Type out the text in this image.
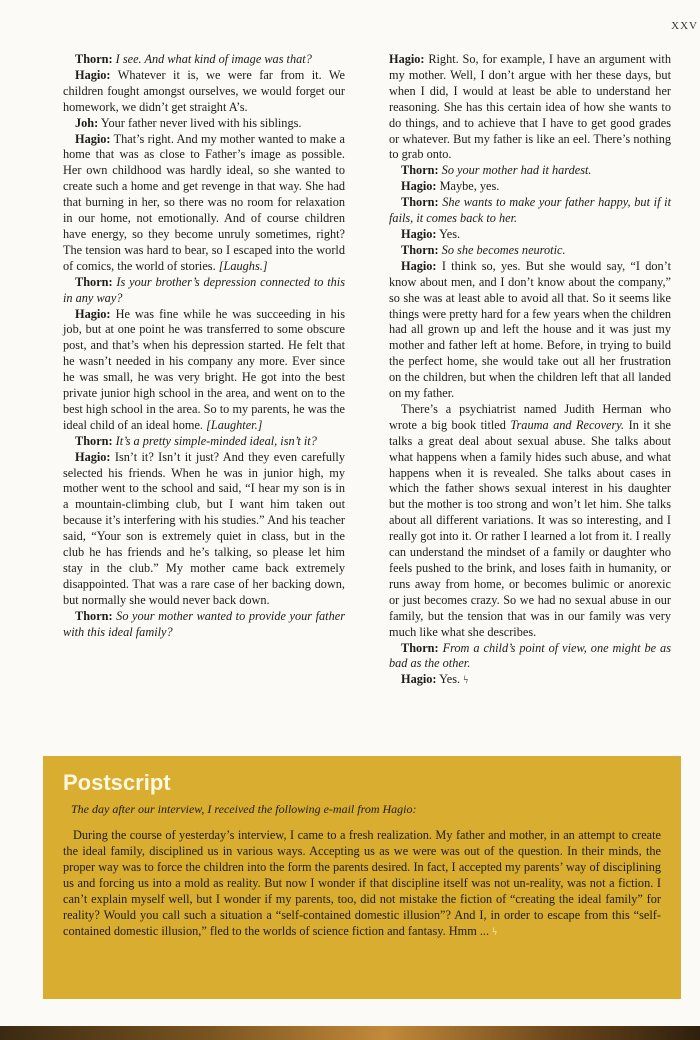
XXV

Thorn: I see. And what kind of image was that?

Hagio: Whatever it is, we were far from it. We children fought amongst ourselves, we would forget our homework, we didn’t get straight A’s.

Joh: Your father never lived with his siblings.

Hagio: That’s right. And my mother wanted to make a home that was as close to Father’s image as possible. Her own childhood was hardly ideal, so she wanted to create such a home and get revenge in that way. She had that burning in her, so there was no room for relaxation in our home, not emotionally. And of course children have energy, so they become unruly sometimes, right? The tension was hard to bear, so I escaped into the world of comics, the world of stories. [Laughs.]

Thorn: Is your brother’s depression connected to this in any way?

Hagio: He was fine while he was succeeding in his job, but at one point he was transferred to some obscure post, and that’s when his depression started. He felt that he wasn’t needed in his company any more. Ever since he was small, he was very bright. He got into the best private junior high school in the area, and went on to the best high school in the area. So to my parents, he was the ideal child of an ideal home. [Laughter.]

Thorn: It’s a pretty simple-minded ideal, isn’t it?

Hagio: Isn’t it? Isn’t it just? And they even carefully selected his friends. When he was in junior high, my mother went to the school and said, “I hear my son is in a mountain-climbing club, but I want him taken out because it’s interfering with his studies.” And his teacher said, “Your son is extremely quiet in class, but in the club he has friends and he’s talking, so please let him stay in the club.” My mother came back extremely disappointed. That was a rare case of her backing down, but normally she would never back down.

Thorn: So your mother wanted to provide your father with this ideal family?

Hagio: Right. So, for example, I have an argument with my mother. Well, I don’t argue with her these days, but when I did, I would at least be able to understand her reasoning. She has this certain idea of how she wants to do things, and to achieve that I have to get good grades or whatever. But my father is like an eel. There’s nothing to grab onto.

Thorn: So your mother had it hardest.

Hagio: Maybe, yes.

Thorn: She wants to make your father happy, but if it fails, it comes back to her.

Hagio: Yes.

Thorn: So she becomes neurotic.

Hagio: I think so, yes. But she would say, “I don’t know about men, and I don’t know about the company,” so she was at least able to avoid all that. So it seems like things were pretty hard for a few years when the children had all grown up and left the house and it was just my mother and father left at home. Before, in trying to build the perfect home, she would take out all her frustration on the children, but when the children left that all landed on my father.

There’s a psychiatrist named Judith Herman who wrote a big book titled Trauma and Recovery. In it she talks a great deal about sexual abuse. She talks about what happens when a family hides such abuse, and what happens when it is revealed. She talks about cases in which the father shows sexual interest in his daughter but the mother is too strong and won’t let him. She talks about all different variations. It was so interesting, and I really got into it. Or rather I learned a lot from it. I really can understand the mindset of a family or daughter who feels pushed to the brink, and loses faith in humanity, or runs away from home, or becomes bulimic or anorexic or just becomes crazy. So we had no sexual abuse in our family, but the tension that was in our family was very much like what she describes.

Thorn: From a child’s point of view, one might be as bad as the other.

Hagio: Yes. ϟ

Postscript

The day after our interview, I received the following e-mail from Hagio:

During the course of yesterday’s interview, I came to a fresh realization. My father and mother, in an attempt to create the ideal family, disciplined us in various ways. Accepting us as we were was out of the question. In their minds, the proper way was to force the children into the form the parents desired. In fact, I accepted my parents’ way of disciplining us and forcing us into a mold as reality. But now I wonder if that discipline itself was not un-reality, was not a fiction. I can’t explain myself well, but I wonder if my parents, too, did not mistake the fiction of “creating the ideal family” for reality? Would you call such a situation a “self-contained domestic illusion”? And I, in order to escape from this “self-contained domestic illusion,” fled to the worlds of science fiction and fantasy. Hmm ... ϟ
